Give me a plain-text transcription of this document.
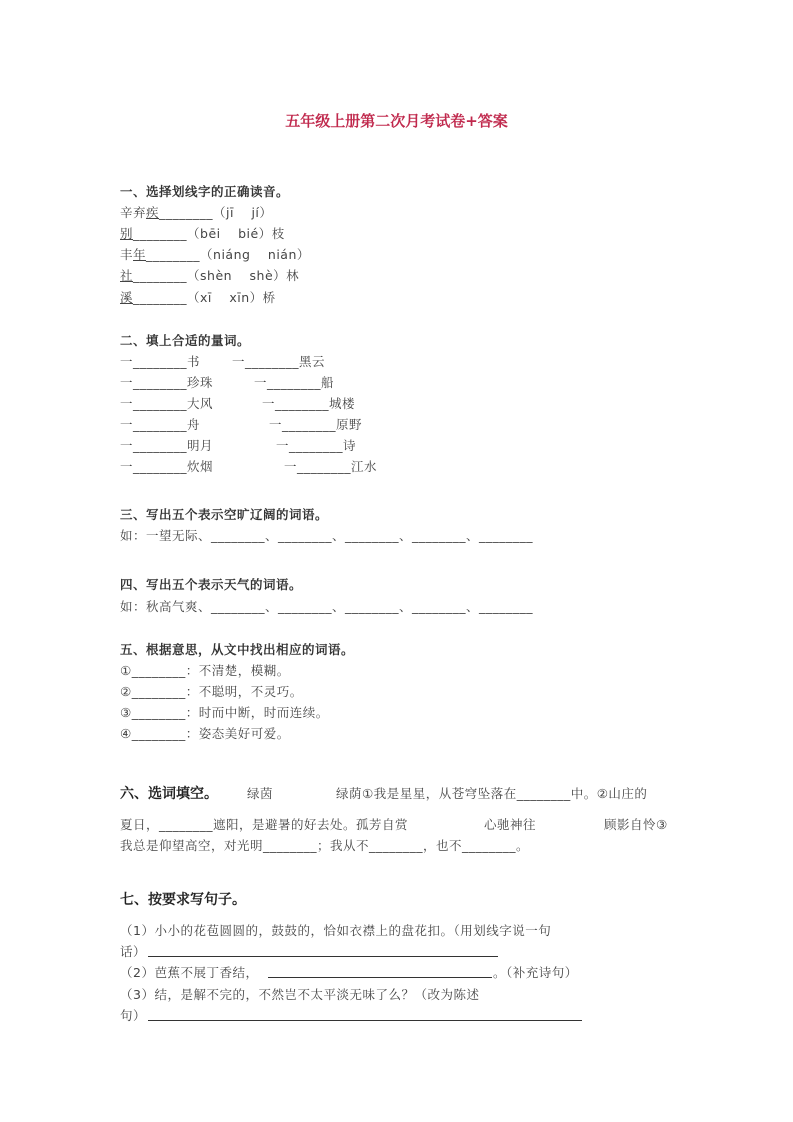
五年级上册第二次月考试卷+答案
一、选择划线字的正确读音。
辛弃疾________（jī　 jí）
别________（bēi　 bié）枝
丰年________（niáng　 nián）
社________（shèn　 shè）林
溪________（xī　 xīn）桥
二、填上合适的量词。
一________书	一________黑云
一________珍珠	一________船
一________大风	一________城楼
一________舟	一________原野
一________明月	一________诗
一________炊烟	一________江水
三、写出五个表示空旷辽阔的词语。
如：一望无际、________、________、________、________、________
四、写出五个表示天气的词语。
如：秋高气爽、________、________、________、________、________
五、根据意思，从文中找出相应的词语。
①________：不清楚，模糊。
②________：不聪明，不灵巧。
③________：时而中断，时而连续。
④________：姿态美好可爱。
六、选词填空。 绿茵	绿荫①我是星星，从苍穹坠落在________中。②山庄的
夏日，________遮阳，是避暑的好去处。孤芳自赏	心驰神往	顾影自怜③
我总是仰望高空，对光明________；我从不________，也不________。
七、按要求写句子。
（1）小小的花苞圆圆的，鼓鼓的，恰如衣襟上的盘花扣。（用划线字说一句
话）
（2）芭蕉不展丁香结，	。（补充诗句）
（3）结，是解不完的，不然岂不太平淡无味了么？（改为陈述
句）
